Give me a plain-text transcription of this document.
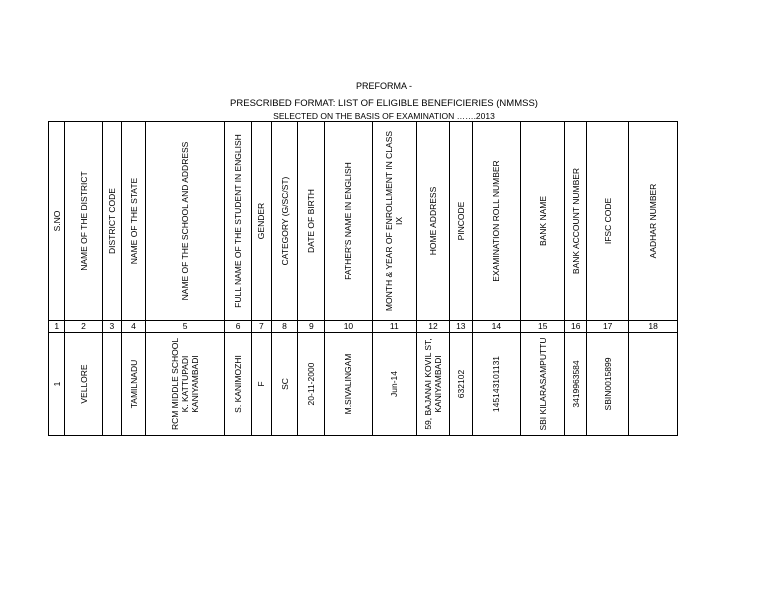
PREFORMA -
PRESCRIBED FORMAT: LIST OF ELIGIBLE BENEFICIERIES (NMMSS)
SELECTED ON THE BASIS OF EXAMINATION …….2013
S.NO	NAME OF THE DISTRICT	DISTRICT CODE	NAME OF THE STATE	NAME OF THE SCHOOL AND ADDRESS	FULL NAME OF THE STUDENT IN ENGLISH	GENDER	CATEGORY (G/SC/ST)	DATE OF BIRTH	FATHER'S NAME IN ENGLISH	MONTH & YEAR OF ENROLLMENT IN CLASS IX	HOME ADDRESS	PINCODE	EXAMINATION ROLL NUMBER	BANK NAME	BANK ACCOUNT NUMBER	IFSC CODE	AADHAR NUMBER

1	2	3	4	5	6	7	8	9	10	11	12	13	14	15	16	17	18

1	VELLORE		TAMILNADU	RCM MIDDLE SCHOOL K. KATTUPADI KANIYAMBADI	S. KANIMOZHI	F	SC	20-11-2000	M.SIVALINGAM	Jun-14	59, BAJANAI KOVIL ST, KANIYAMBADI	632102	145143101131	SBI KILARASAMPUTTU	3419963584	SBIN0015899	
